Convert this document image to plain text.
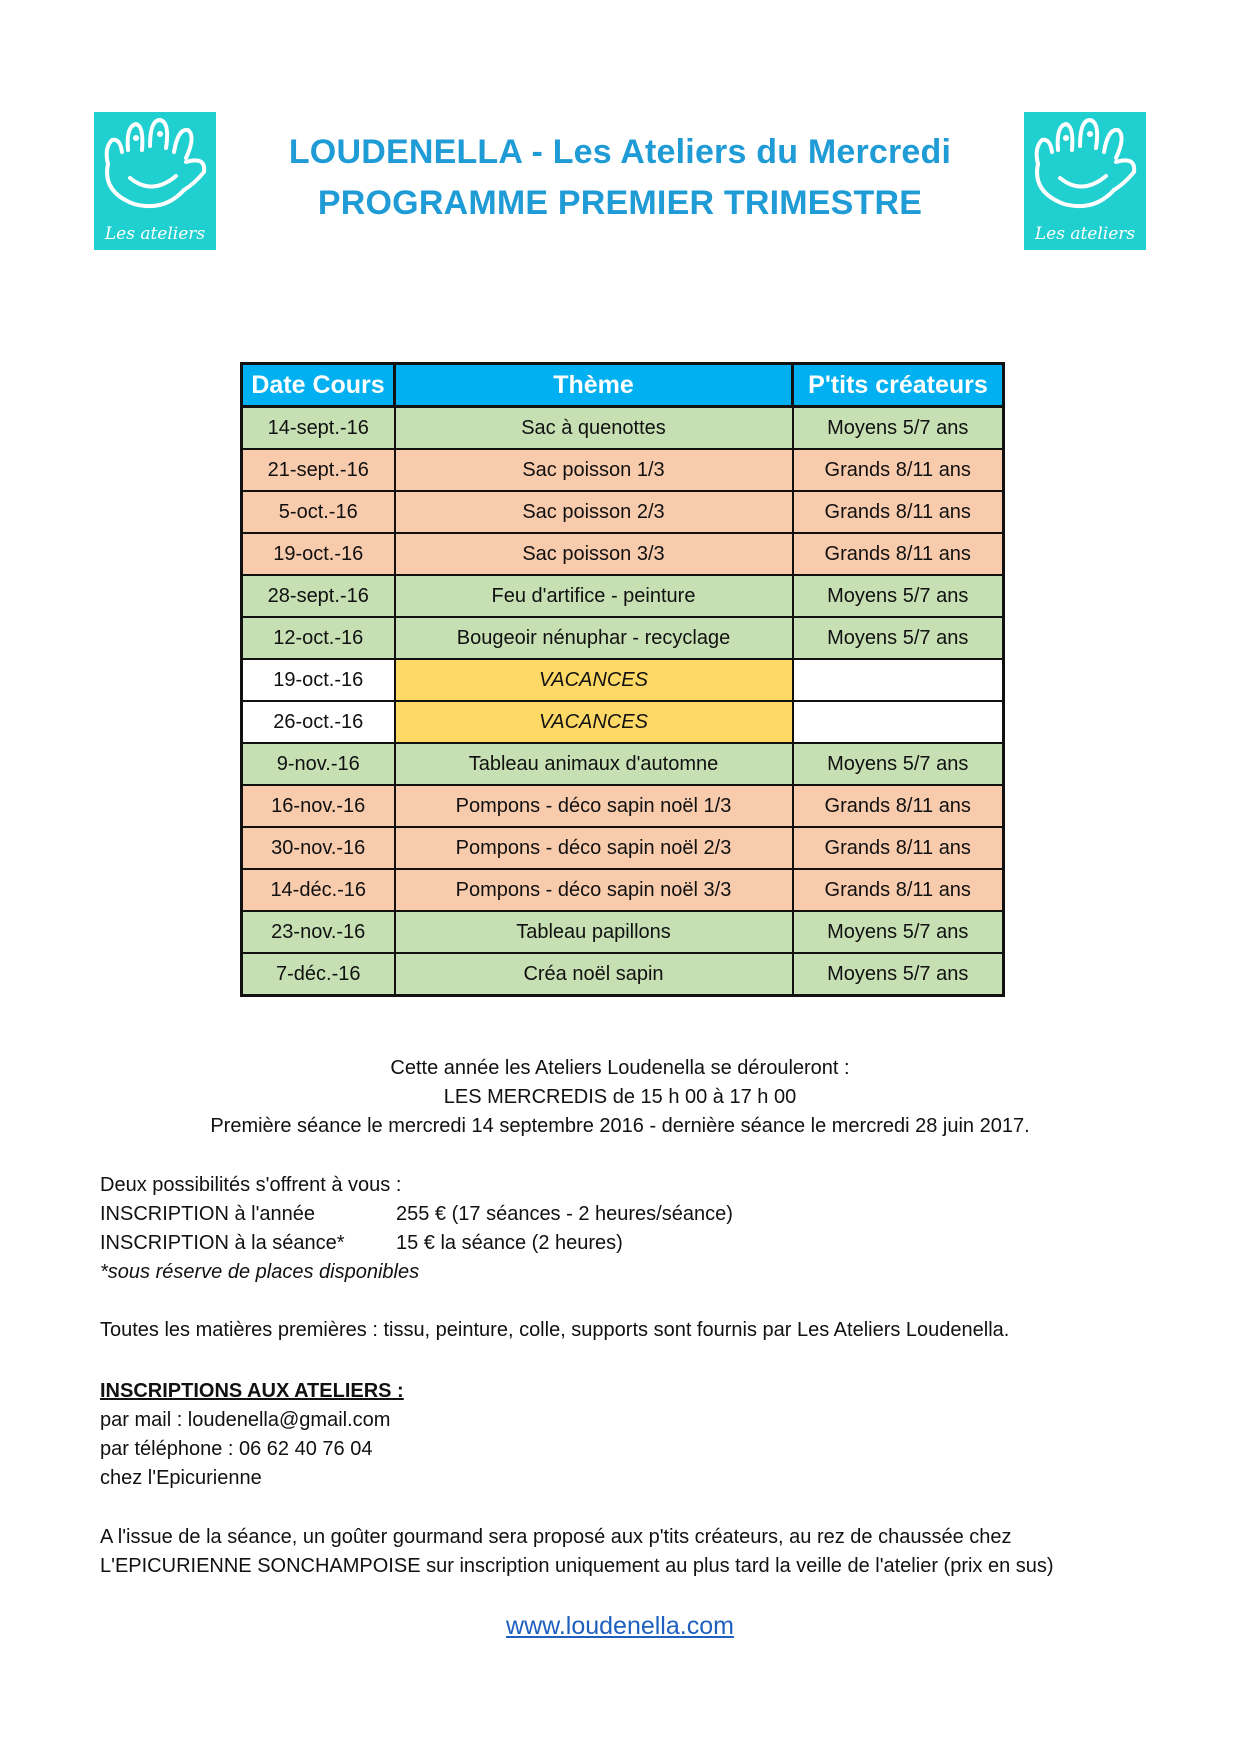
Les ateliers	Les ateliers
LOUDENELLA - Les Ateliers du Mercredi
PROGRAMME PREMIER TRIMESTRE
Date Cours	Thème	P'tits créateurs
14-sept.-16	Sac à quenottes	Moyens 5/7 ans
21-sept.-16	Sac poisson 1/3	Grands 8/11 ans
5-oct.-16	Sac poisson 2/3	Grands 8/11 ans
19-oct.-16	Sac poisson 3/3	Grands 8/11 ans
28-sept.-16	Feu d'artifice - peinture	Moyens 5/7 ans
12-oct.-16	Bougeoir nénuphar - recyclage	Moyens 5/7 ans
19-oct.-16	VACANCES	
26-oct.-16	VACANCES	
9-nov.-16	Tableau animaux d'automne	Moyens 5/7 ans
16-nov.-16	Pompons - déco sapin noël 1/3	Grands 8/11 ans
30-nov.-16	Pompons - déco sapin noël 2/3	Grands 8/11 ans
14-déc.-16	Pompons - déco sapin noël 3/3	Grands 8/11 ans
23-nov.-16	Tableau papillons	Moyens 5/7 ans
7-déc.-16	Créa noël sapin	Moyens 5/7 ans
Cette année les Ateliers Loudenella se dérouleront :
LES MERCREDIS de 15 h 00 à 17 h 00
Première séance le mercredi 14 septembre 2016 - dernière séance le mercredi 28 juin 2017.
Deux possibilités s'offrent à vous :
INSCRIPTION à l'année	255 € (17 séances - 2 heures/séance)
INSCRIPTION à la séance*	15 € la séance (2 heures)
*sous réserve de places disponibles
Toutes les matières premières : tissu, peinture, colle, supports sont fournis par Les Ateliers Loudenella.
INSCRIPTIONS AUX ATELIERS :
par mail : loudenella@gmail.com
par téléphone : 06 62 40 76 04
chez l'Epicurienne
A l'issue de la séance, un goûter gourmand sera proposé aux p'tits créateurs, au rez de chaussée chez
L'EPICURIENNE SONCHAMPOISE sur inscription uniquement au plus tard la veille de l'atelier (prix en sus)
www.loudenella.com
